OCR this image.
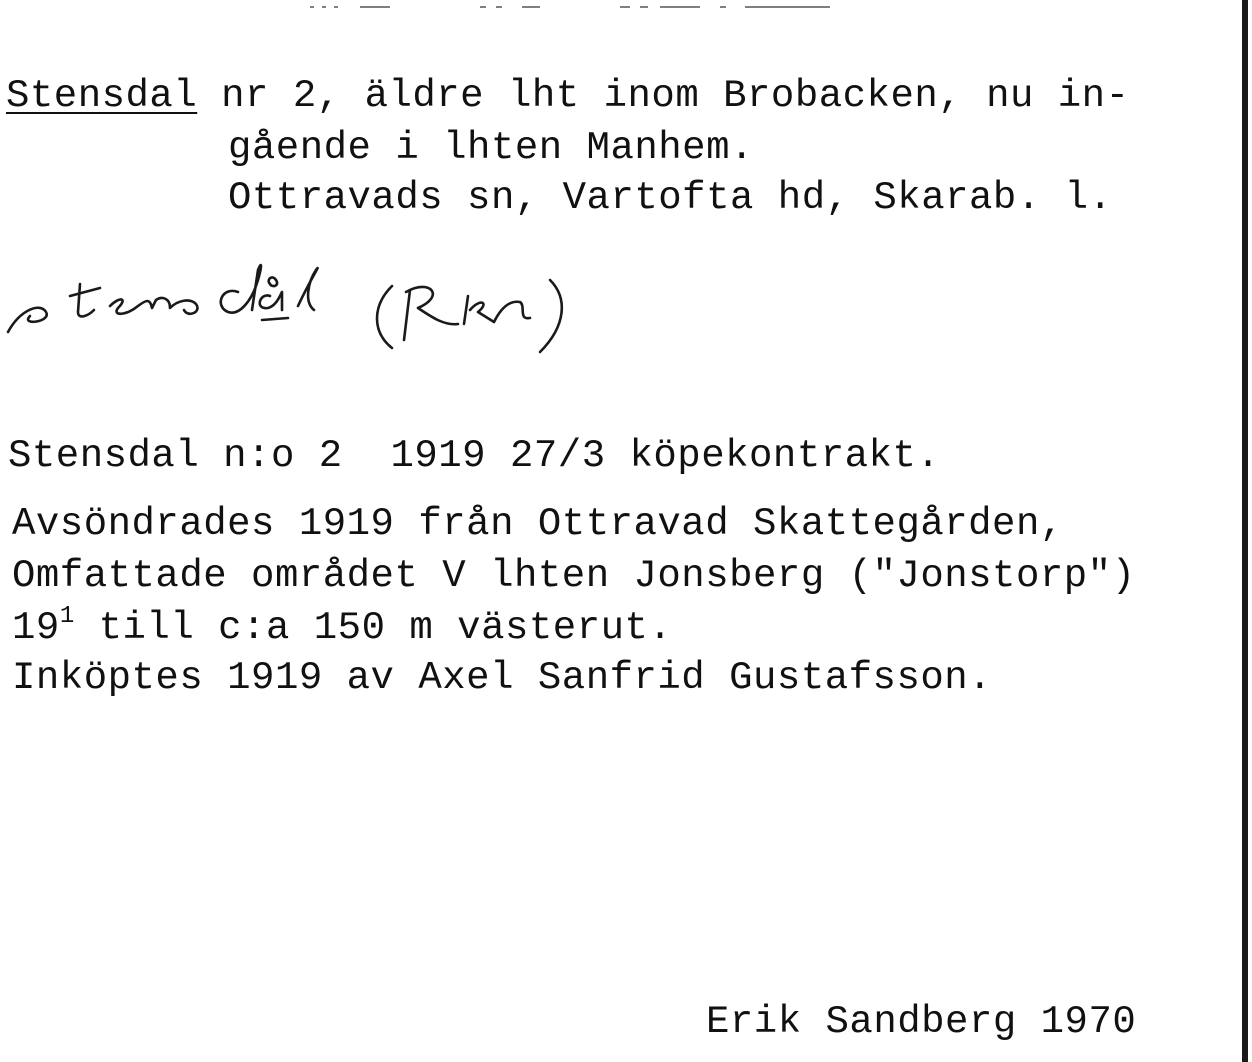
Stensdal nr 2, äldre lht inom Brobacken, nu in-
gående i lhten Manhem.
Ottravads sn, Vartofta hd, Skarab. l.
Stensdal n:o 2  1919 27/3 köpekontrakt.
Avsöndrades 1919 från Ottravad Skattegården,
Omfattade området V lhten Jonsberg ("Jonstorp")
$19^1$ till c:a 150 m västerut.
Inköptes 1919 av Axel Sanfrid Gustafsson.
Erik Sandberg 1970
